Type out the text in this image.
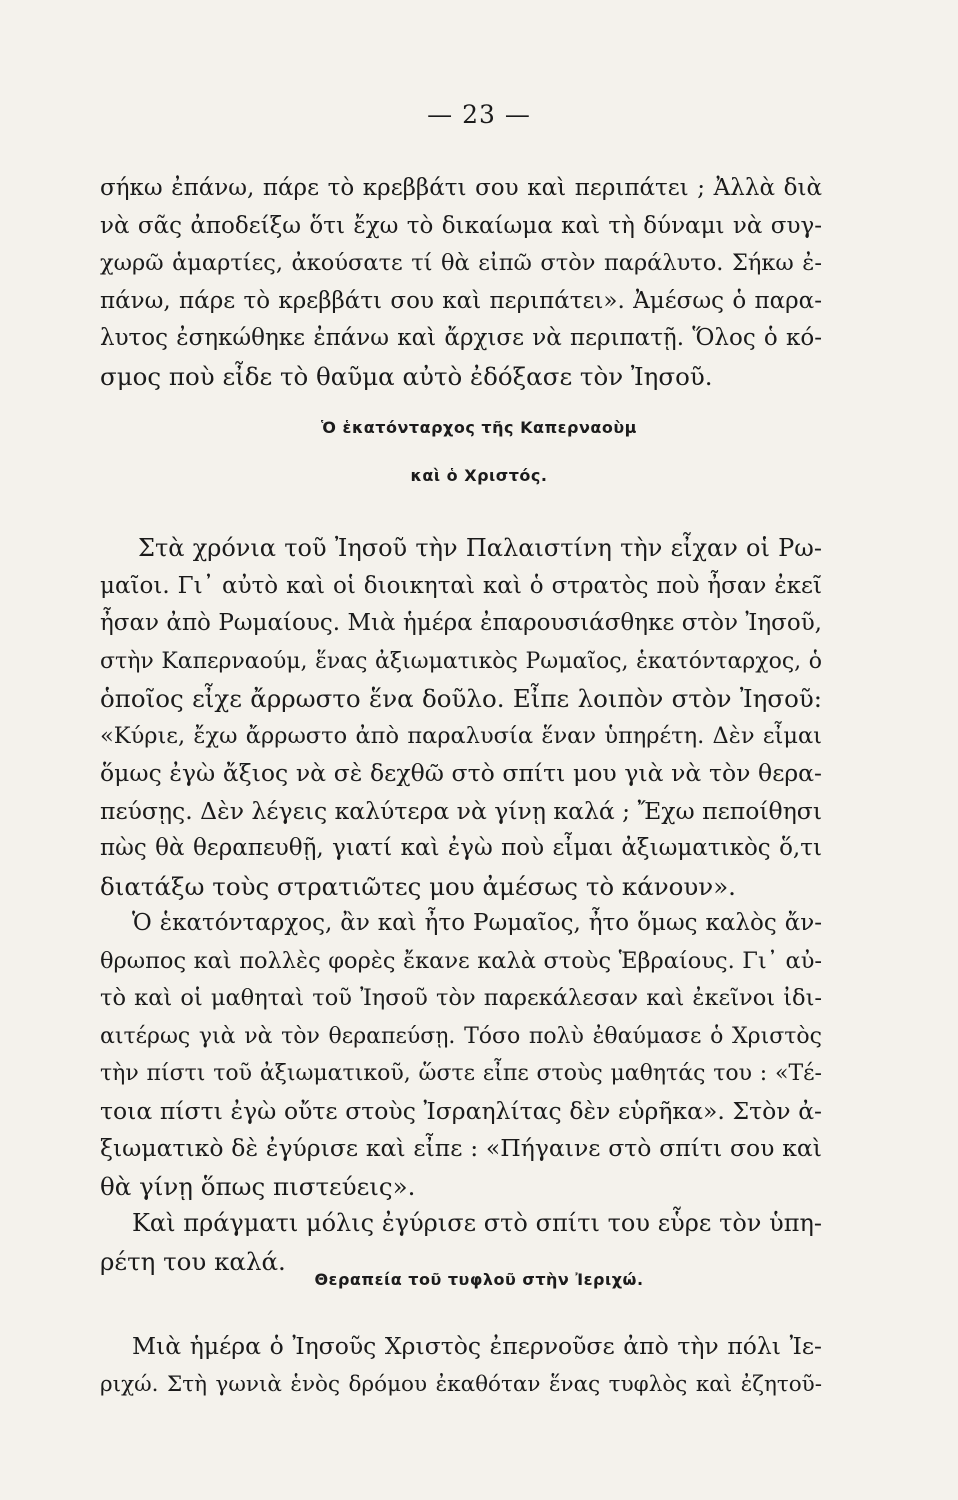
— 23 —
σήκω ἐπάνω, πάρε τὸ κρεββάτι σου καὶ περιπάτει ; Ἀλλὰ διὰ
νὰ σᾶς ἀποδείξω ὅτι ἔχω τὸ δικαίωμα καὶ τὴ δύναμι νὰ συγ-
χωρῶ ἁμαρτίες, ἀκούσατε τί θὰ εἰπῶ στὸν παράλυτο. Σήκω ἐ-
πάνω, πάρε τὸ κρεββάτι σου καὶ περιπάτει». Ἀμέσως ὁ παρα-
λυτος ἐσηκώθηκε ἐπάνω καὶ ἄρχισε νὰ περιπατῇ. Ὅλος ὁ κό-
σμος ποὺ εἶδε τὸ θαῦμα αὐτὸ ἐδόξασε τὸν Ἰησοῦ.
Ὁ ἑκατόνταρχος τῆς Καπερναοὺμ
καὶ ὁ Χριστός.
Στὰ χρόνια τοῦ Ἰησοῦ τὴν Παλαιστίνη τὴν εἶχαν οἱ Ρω-
μαῖοι. Γι᾽ αὐτὸ καὶ οἱ διοικηταὶ καὶ ὁ στρατὸς ποὺ ἦσαν ἐκεῖ
ἦσαν ἀπὸ Ρωμαίους. Μιὰ ἡμέρα ἐπαρουσιάσθηκε στὸν Ἰησοῦ,
στὴν Καπερναούμ, ἕνας ἀξιωματικὸς Ρωμαῖος, ἑκατόνταρχος, ὁ
ὁποῖος εἶχε ἄρρωστο ἕνα δοῦλο. Εἶπε λοιπὸν στὸν Ἰησοῦ:
«Κύριε, ἔχω ἄρρωστο ἀπὸ παραλυσία ἕναν ὑπηρέτη. Δὲν εἶμαι
ὅμως ἐγὼ ἄξιος νὰ σὲ δεχθῶ στὸ σπίτι μου γιὰ νὰ τὸν θερα-
πεύσῃς. Δὲν λέγεις καλύτερα νὰ γίνῃ καλά ; Ἔχω πεποίθησι
πὼς θὰ θεραπευθῇ, γιατί καὶ ἐγὼ ποὺ εἶμαι ἀξιωματικὸς ὅ,τι
διατάξω τοὺς στρατιῶτες μου ἀμέσως τὸ κάνουν».
Ὁ ἑκατόνταρχος, ἂν καὶ ἦτο Ρωμαῖος, ἦτο ὅμως καλὸς ἄν-
θρωπος καὶ πολλὲς φορὲς ἔκανε καλὰ στοὺς Ἑβραίους. Γι᾽ αὐ-
τὸ καὶ οἱ μαθηταὶ τοῦ Ἰησοῦ τὸν παρεκάλεσαν καὶ ἐκεῖνοι ἰδι-
αιτέρως γιὰ νὰ τὸν θεραπεύσῃ. Τόσο πολὺ ἐθαύμασε ὁ Χριστὸς
τὴν πίστι τοῦ ἀξιωματικοῦ, ὥστε εἶπε στοὺς μαθητάς του : «Τέ-
τοια πίστι ἐγὼ οὔτε στοὺς Ἰσραηλίτας δὲν εὑρῆκα». Στὸν ἀ-
ξιωματικὸ δὲ ἐγύρισε καὶ εἶπε : «Πήγαινε στὸ σπίτι σου καὶ
θὰ γίνῃ ὅπως πιστεύεις».
Καὶ πράγματι μόλις ἐγύρισε στὸ σπίτι του εὗρε τὸν ὑπη-
ρέτη του καλά.
Θεραπεία τοῦ τυφλοῦ στὴν Ἰεριχώ.
Μιὰ ἡμέρα ὁ Ἰησοῦς Χριστὸς ἐπερνοῦσε ἀπὸ τὴν πόλι Ἰε-
ριχώ. Στὴ γωνιὰ ἑνὸς δρόμου ἐκαθόταν ἕνας τυφλὸς καὶ ἐζητοῦ-
